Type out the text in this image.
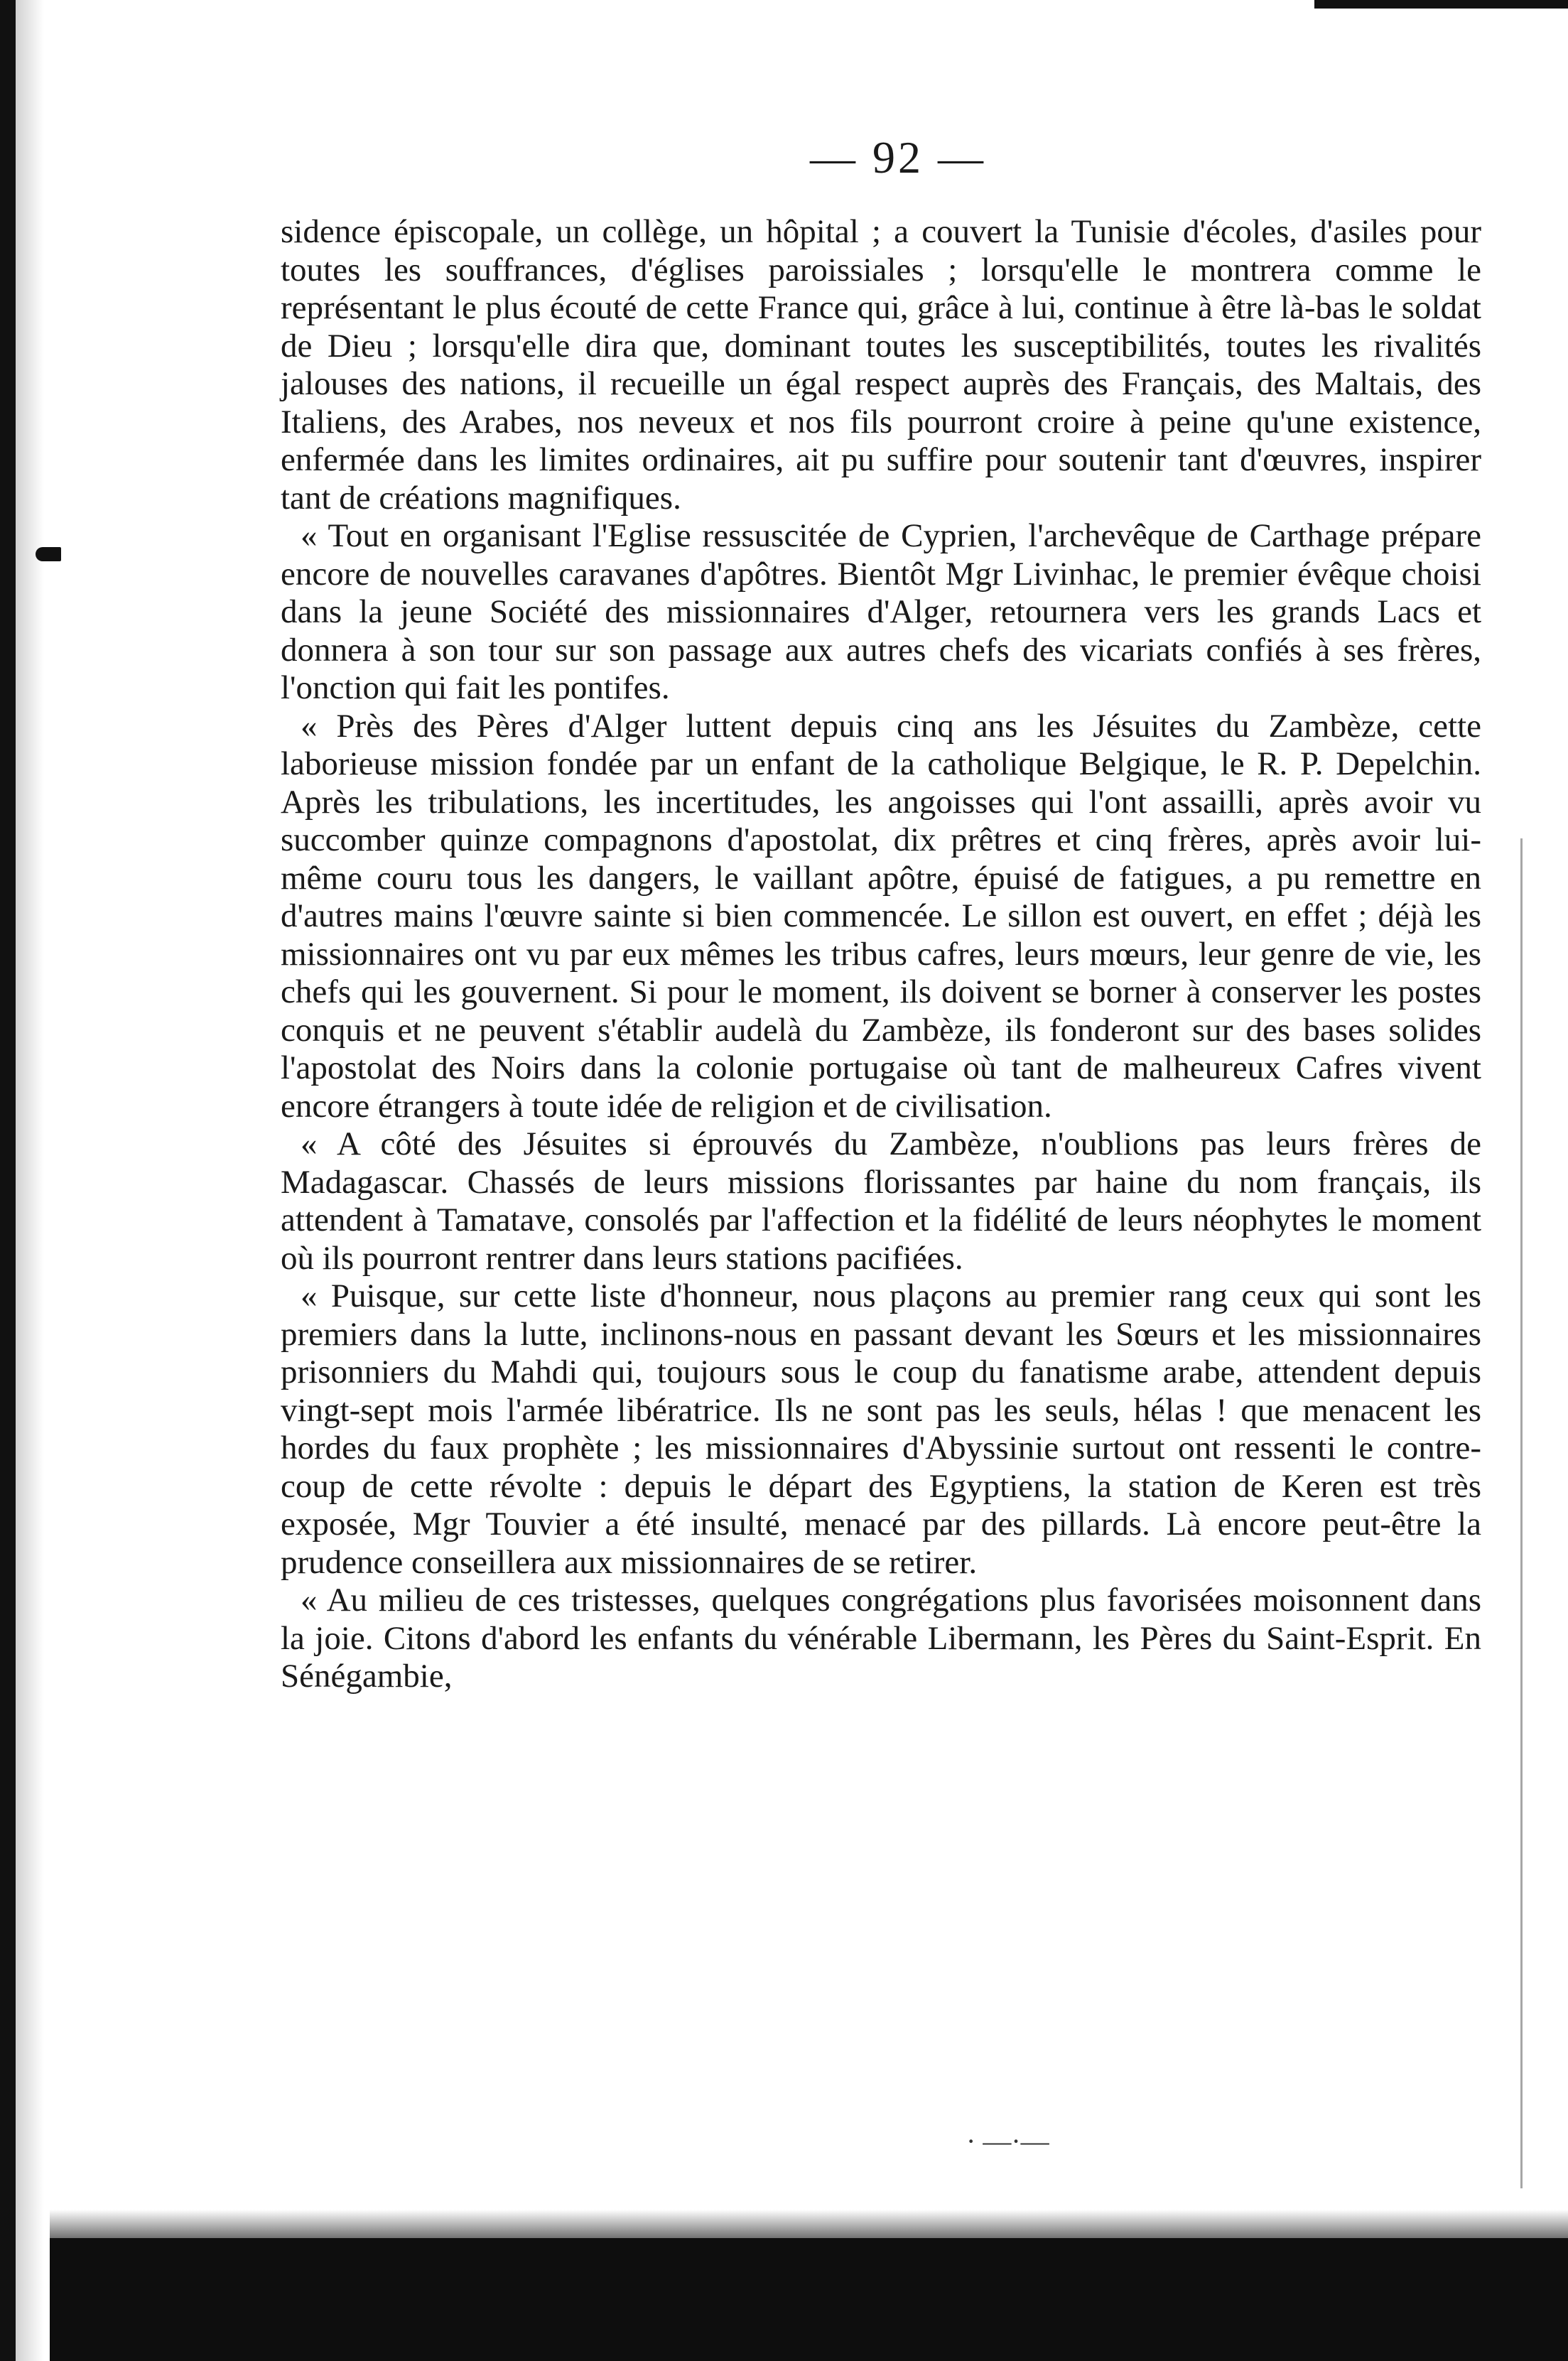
— 92 —

sidence épiscopale, un collège, un hôpital ; a couvert la Tunisie d'écoles, d'asiles pour toutes les souffrances, d'églises paroissiales ; lorsqu'elle le montrera comme le représentant le plus écouté de cette France qui, grâce à lui, continue à être là-bas le soldat de Dieu ; lorsqu'elle dira que, dominant toutes les susceptibilités, toutes les rivalités jalouses des nations, il recueille un égal respect auprès des Français, des Maltais, des Italiens, des Arabes, nos neveux et nos fils pourront croire à peine qu'une existence, enfermée dans les limites ordinaires, ait pu suffire pour soutenir tant d'œuvres, inspirer tant de créations magnifiques.

« Tout en organisant l'Eglise ressuscitée de Cyprien, l'archevêque de Carthage prépare encore de nouvelles caravanes d'apôtres. Bientôt Mgr Livinhac, le premier évêque choisi dans la jeune Société des missionnaires d'Alger, retournera vers les grands Lacs et donnera à son tour sur son passage aux autres chefs des vicariats confiés à ses frères, l'onction qui fait les pontifes.

« Près des Pères d'Alger luttent depuis cinq ans les Jésuites du Zambèze, cette laborieuse mission fondée par un enfant de la catholique Belgique, le R. P. Depelchin. Après les tribulations, les incertitudes, les angoisses qui l'ont assailli, après avoir vu succomber quinze compagnons d'apostolat, dix prêtres et cinq frères, après avoir lui-même couru tous les dangers, le vaillant apôtre, épuisé de fatigues, a pu remettre en d'autres mains l'œuvre sainte si bien commencée. Le sillon est ouvert, en effet ; déjà les missionnaires ont vu par eux mêmes les tribus cafres, leurs mœurs, leur genre de vie, les chefs qui les gouvernent. Si pour le moment, ils doivent se borner à conserver les postes conquis et ne peuvent s'établir audelà du Zambèze, ils fonderont sur des bases solides l'apostolat des Noirs dans la colonie portugaise où tant de malheureux Cafres vivent encore étrangers à toute idée de religion et de civilisation.

« A côté des Jésuites si éprouvés du Zambèze, n'oublions pas leurs frères de Madagascar. Chassés de leurs missions florissantes par haine du nom français, ils attendent à Tamatave, consolés par l'affection et la fidélité de leurs néophytes le moment où ils pourront rentrer dans leurs stations pacifiées.

« Puisque, sur cette liste d'honneur, nous plaçons au premier rang ceux qui sont les premiers dans la lutte, inclinons-nous en passant devant les Sœurs et les missionnaires prisonniers du Mahdi qui, toujours sous le coup du fanatisme arabe, attendent depuis vingt-sept mois l'armée libératrice. Ils ne sont pas les seuls, hélas ! que menacent les hordes du faux prophète ; les missionnaires d'Abyssinie surtout ont ressenti le contre-coup de cette révolte : depuis le départ des Egyptiens, la station de Keren est très exposée, Mgr Touvier a été insulté, menacé par des pillards. Là encore peut-être la prudence conseillera aux missionnaires de se retirer.

« Au milieu de ces tristesses, quelques congrégations plus favorisées moisonnent dans la joie. Citons d'abord les enfants du vénérable Libermann, les Pères du Saint-Esprit. En Sénégambie,

· —·—
